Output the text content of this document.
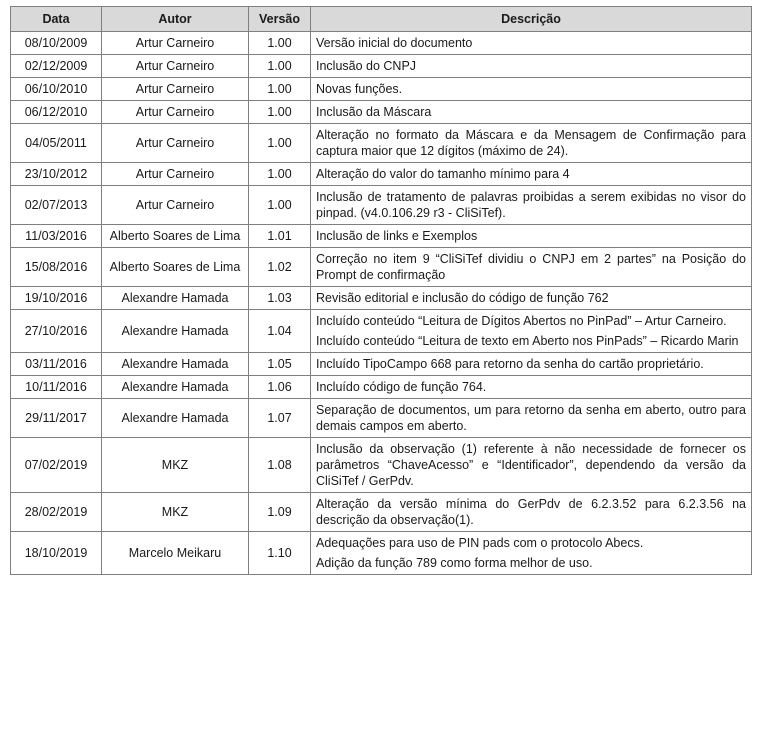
Data	Autor	Versão	Descrição
08/10/2009	Artur Carneiro	1.00	Versão inicial do documento

02/12/2009	Artur Carneiro	1.00	Inclusão do CNPJ

06/10/2010	Artur Carneiro	1.00	Novas funções.

06/12/2010	Artur Carneiro	1.00	Inclusão da Máscara

04/05/2011	Artur Carneiro	1.00	Alteração no formato da Máscara e da Mensagem de Confirmação para captura maior que 12 dígitos (máximo de 24).

23/10/2012	Artur Carneiro	1.00	Alteração do valor do tamanho mínimo para 4

02/07/2013	Artur Carneiro	1.00	Inclusão de tratamento de palavras proibidas a serem exibidas no visor do pinpad. (v4.0.106.29 r3 - CliSiTef).

11/03/2016	Alberto Soares de Lima	1.01	Inclusão de links e Exemplos

15/08/2016	Alberto Soares de Lima	1.02	Correção no item 9 “CliSiTef dividiu o CNPJ em 2 partes” na Posição do Prompt de confirmação

19/10/2016	Alexandre Hamada	1.03	Revisão editorial e inclusão do código de função 762

27/10/2016	Alexandre Hamada	1.04	Incluído conteúdo “Leitura de Dígitos Abertos no PinPad” – Artur Carneiro.

Incluído conteúdo “Leitura de texto em Aberto nos PinPads” – Ricardo Marin

03/11/2016	Alexandre Hamada	1.05	Incluído TipoCampo 668 para retorno da senha do cartão proprietário.

10/11/2016	Alexandre Hamada	1.06	Incluído código de função 764.

29/11/2017	Alexandre Hamada	1.07	Separação de documentos, um para retorno da senha em aberto, outro para demais campos em aberto.

07/02/2019	MKZ	1.08	Inclusão da observação (1) referente à não necessidade de fornecer os parâmetros “ChaveAcesso” e “Identificador”, dependendo da versão da CliSiTef / GerPdv.

28/02/2019	MKZ	1.09	Alteração da versão mínima do GerPdv de 6.2.3.52 para 6.2.3.56 na descrição da observação(1).

18/10/2019	Marcelo Meikaru	1.10	Adequações para uso de PIN pads com o protocolo Abecs.

Adição da função 789 como forma melhor de uso.
